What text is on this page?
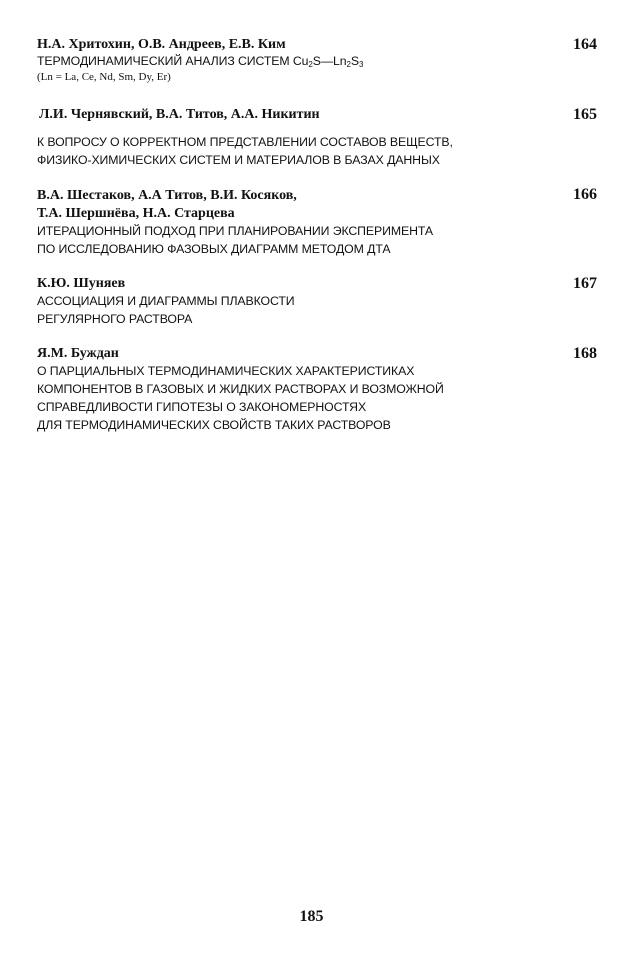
Н.А. Хритохин, О.В. Андреев, Е.В. Ким
ТЕРМОДИНАМИЧЕСКИЙ АНАЛИЗ СИСТЕМ $Cu_2S—Ln_2S_3$
(Ln = La, Ce, Nd, Sm, Dy, Er)
164
Л.И. Чернявский, В.А. Титов, А.А. Никитин
К ВОПРОСУ О КОРРЕКТНОМ ПРЕДСТАВЛЕНИИ СОСТАВОВ ВЕЩЕСТВ,
ФИЗИКО-ХИМИЧЕСКИХ СИСТЕМ И МАТЕРИАЛОВ В БАЗАХ ДАННЫХ
165
В.А. Шестаков, А.А Титов, В.И. Косяков,
Т.А. Шершнёва, Н.А. Старцева
ИТЕРАЦИОННЫЙ ПОДХОД ПРИ ПЛАНИРОВАНИИ ЭКСПЕРИМЕНТА
ПО ИССЛЕДОВАНИЮ ФАЗОВЫХ ДИАГРАММ МЕТОДОМ ДТА
166
К.Ю. Шуняев
АССОЦИАЦИЯ И ДИАГРАММЫ ПЛАВКОСТИ
РЕГУЛЯРНОГО РАСТВОРА
167
Я.М. Буждан
О ПАРЦИАЛЬНЫХ ТЕРМОДИНАМИЧЕСКИХ ХАРАКТЕРИСТИКАХ
КОМПОНЕНТОВ В ГАЗОВЫХ И ЖИДКИХ РАСТВОРАХ И ВОЗМОЖНОЙ
СПРАВЕДЛИВОСТИ ГИПОТЕЗЫ О ЗАКОНОМЕРНОСТЯХ
ДЛЯ ТЕРМОДИНАМИЧЕСКИХ СВОЙСТВ ТАКИХ РАСТВОРОВ
168
185
